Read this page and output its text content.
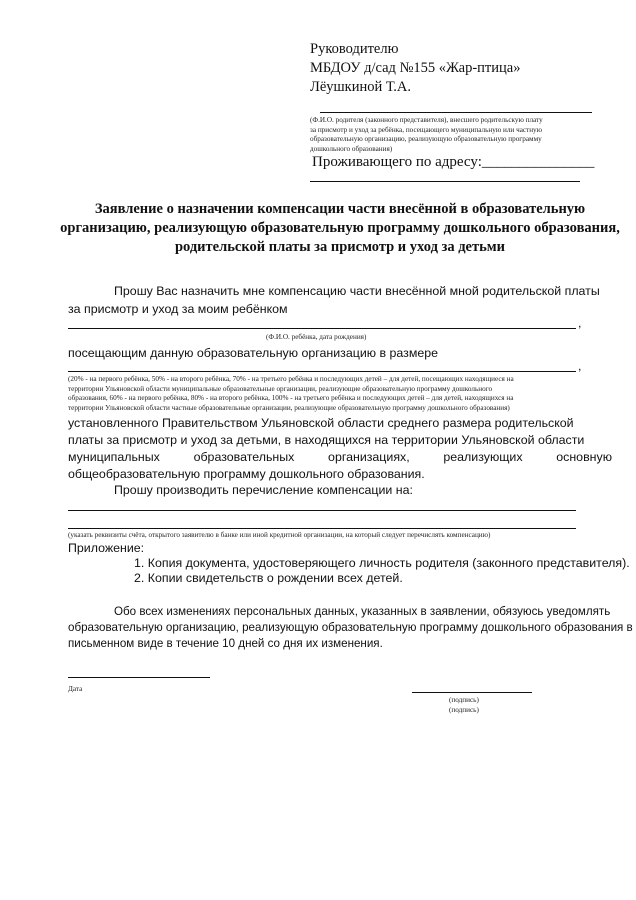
Руководителю
МБДОУ д/сад №155 «Жар-птица»
Лёушкиной Т.А.
(Ф.И.О. родителя (законного представителя), внесшего родительскую плату
за присмотр и уход за ребёнка, посещающего муниципальную или частную
образовательную организацию, реализующую образовательную программу
дошкольного образования)
Проживающего по адресу:_______________
Заявление о назначении компенсации части внесённой в образовательную
организацию, реализующую образовательную программу дошкольного образования,
родительской платы за присмотр и уход за детьми
Прошу Вас назначить мне компенсацию части внесённой мной родительской платы
за присмотр и уход за моим ребёнком
,
(Ф.И.О. ребёнка, дата рождения)
посещающим данную образовательную организацию в размере
,
(20% - на первого ребёнка, 50% - на второго ребёнка, 70% - на третьего ребёнка и последующих детей – для детей, посещающих находящиеся на
территории Ульяновской области муниципальные образовательные организации, реализующие образовательную программу дошкольного
образования, 60% - на первого ребёнка, 80% - на второго ребёнка, 100% - на третьего ребёнка и последующих детей – для детей, находящихся на
территории Ульяновской области частные образовательные организации, реализующие образовательную программу дошкольного образования)
установленного Правительством Ульяновской области среднего размера родительской
платы за присмотр и уход за детьми, в находящихся на территории Ульяновской области
муниципальных образовательных организациях, реализующих основную
общеобразовательную программу дошкольного образования.
Прошу производить перечисление компенсации на:
(указать реквизиты счёта, открытого заявителю в банке или иной кредитной организации, на который следует перечислять компенсацию)
Приложение:
1. Копия документа, удостоверяющего личность родителя (законного представителя).
2. Копии свидетельств о рождении всех детей.
Обо всех изменениях персональных данных, указанных в заявлении, обязуюсь уведомлять
образовательную организацию, реализующую образовательную программу дошкольного образования в
письменном виде в течение 10 дней со дня их изменения.
Дата
(подпись)
(подпись)
